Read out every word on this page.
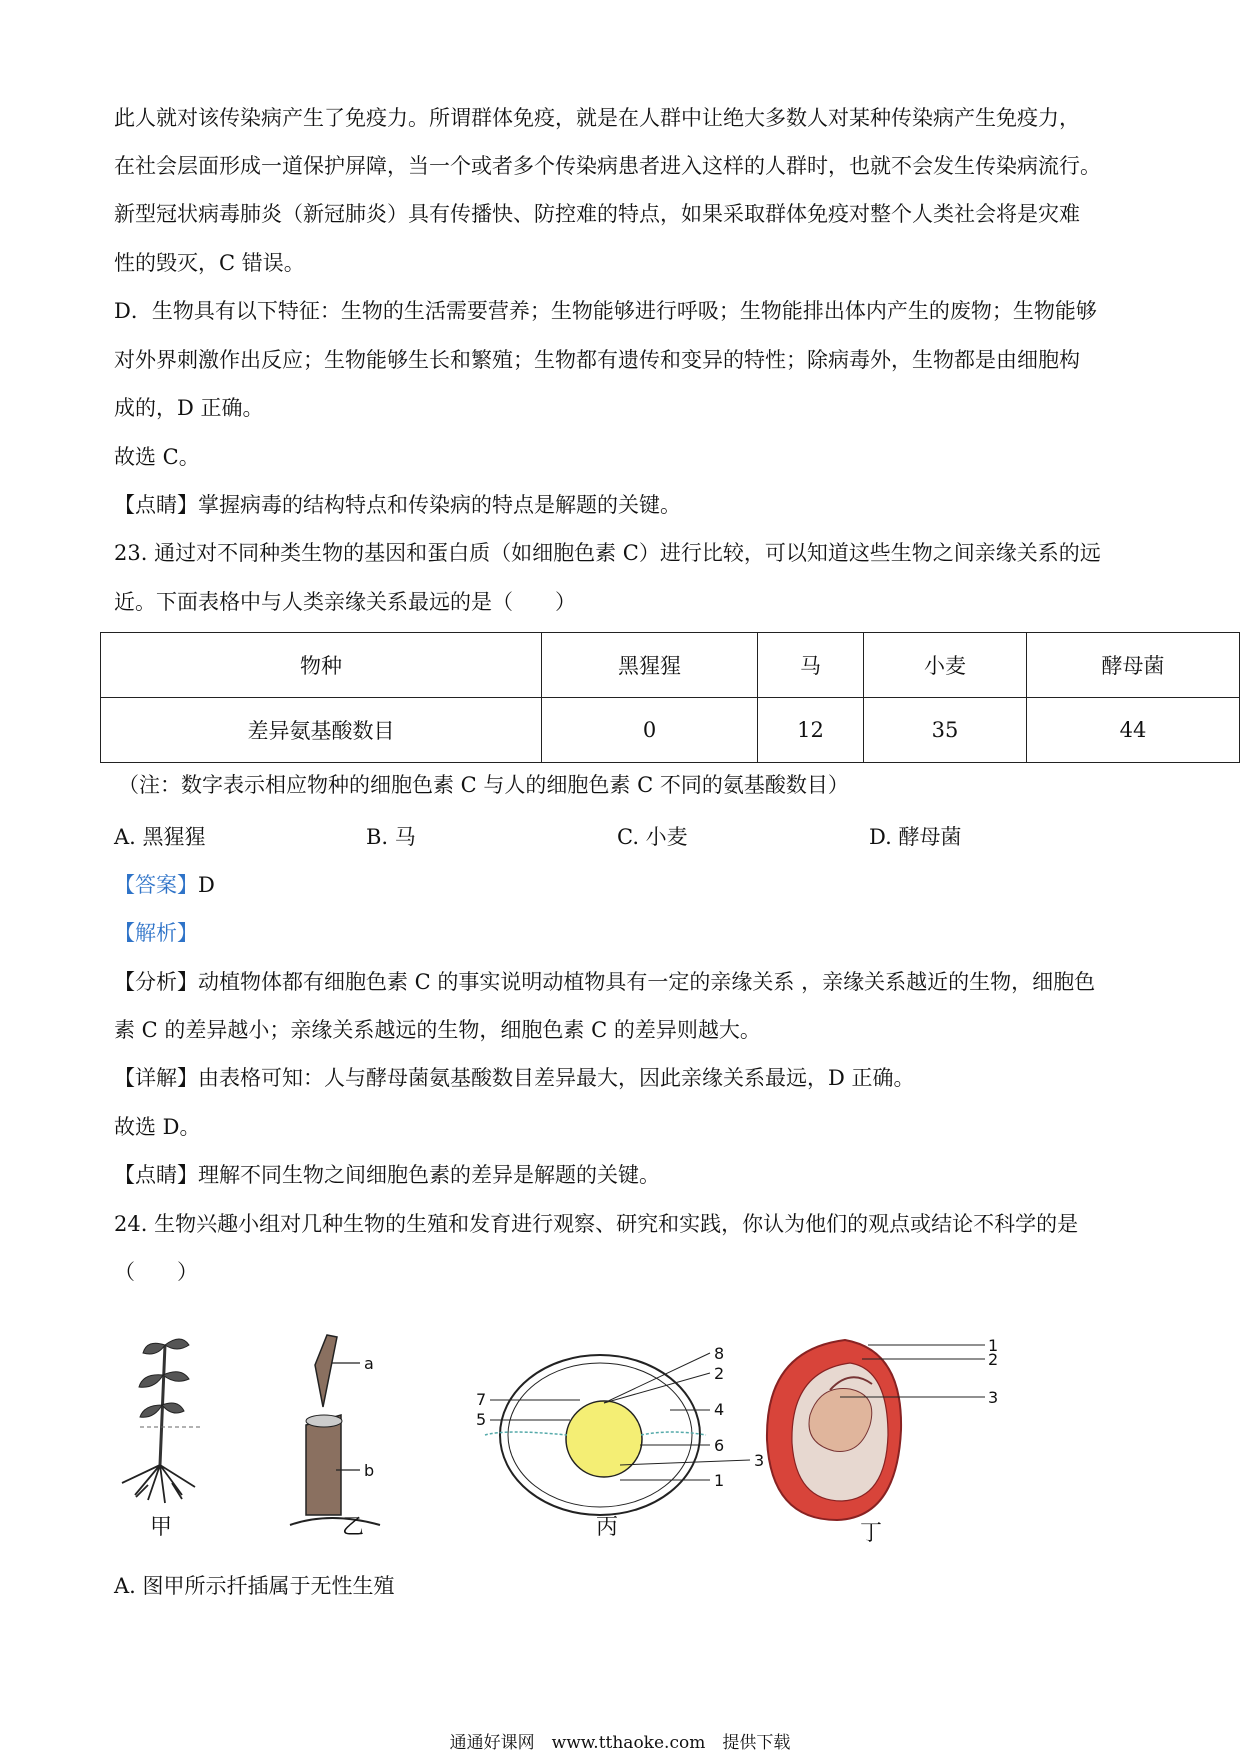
此人就对该传染病产生了免疫力。所谓群体免疫，就是在人群中让绝大多数人对某种传染病产生免疫力，
在社会层面形成一道保护屏障，当一个或者多个传染病患者进入这样的人群时，也就不会发生传染病流行。
新型冠状病毒肺炎（新冠肺炎）具有传播快、防控难的特点，如果采取群体免疫对整个人类社会将是灾难
性的毁灭，C 错误。
D．生物具有以下特征：生物的生活需要营养；生物能够进行呼吸；生物能排出体内产生的废物；生物能够
对外界刺激作出反应；生物能够生长和繁殖；生物都有遗传和变异的特性；除病毒外，生物都是由细胞构
成的，D 正确。
故选 C。
【点睛】掌握病毒的结构特点和传染病的特点是解题的关键。
23. 通过对不同种类生物的基因和蛋白质（如细胞色素 C）进行比较，可以知道这些生物之间亲缘关系的远
近。下面表格中与人类亲缘关系最远的是（　　）
物种	黑猩猩	马	小麦	酵母菌
差异氨基酸数目	0	12	35	44
（注：数字表示相应物种的细胞色素 C 与人的细胞色素 C 不同的氨基酸数目）
A. 黑猩猩	B. 马	C. 小麦	D. 酵母菌
【答案】D
【解析】
【分析】动植物体都有细胞色素 C 的事实说明动植物具有一定的亲缘关系 ，亲缘关系越近的生物，细胞色
素 C 的差异越小；亲缘关系越远的生物，细胞色素 C 的差异则越大。
【详解】由表格可知：人与酵母菌氨基酸数目差异最大，因此亲缘关系最远，D 正确。
故选 D。
【点睛】理解不同生物之间细胞色素的差异是解题的关键。
24. 生物兴趣小组对几种生物的生殖和发育进行观察、研究和实践，你认为他们的观点或结论不科学的是
（　　）
a
b
8
2
7
5
4
6
3
1
1
2
3
甲	乙	丙	丁
A. 图甲所示扦插属于无性生殖
通通好课网　www.tthaoke.com　提供下载
